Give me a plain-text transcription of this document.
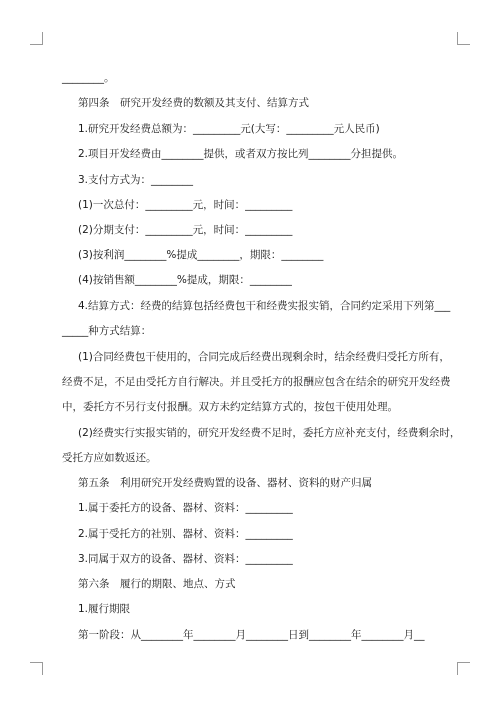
________。
第四条　研究开发经费的数额及其支付、结算方式
1.研究开发经费总额为：_________元(大写：_________元人民币)
2.项目开发经费由________提供，或者双方按比列________分担提供。
3.支付方式为：________
(1)一次总付：_________元，时间：_________
(2)分期支付：_________元，时间：_________
(3)按利润________%提成________，期限：________
(4)按销售额________%提成，期限：________
4.结算方式：经费的结算包括经费包干和经费实报实销，合同约定采用下列第___
_____种方式结算：
(1)合同经费包干使用的，合同完成后经费出现剩余时，结余经费归受托方所有，
经费不足，不足由受托方自行解决。并且受托方的报酬应包含在结余的研究开发经费
中，委托方不另行支付报酬。双方未约定结算方式的，按包干使用处理。
(2)经费实行实报实销的，研究开发经费不足时，委托方应补充支付，经费剩余时，
受托方应如数返还。
第五条　利用研究开发经费购置的设备、器材、资料的财产归属
1.属于委托方的设备、器材、资料：_________
2.属于受托方的社别、器材、资料：_________
3.同属于双方的设备、器材、资料：_________
第六条　履行的期限、地点、方式
1.履行期限
第一阶段：从________年________月________日到________年________月__
